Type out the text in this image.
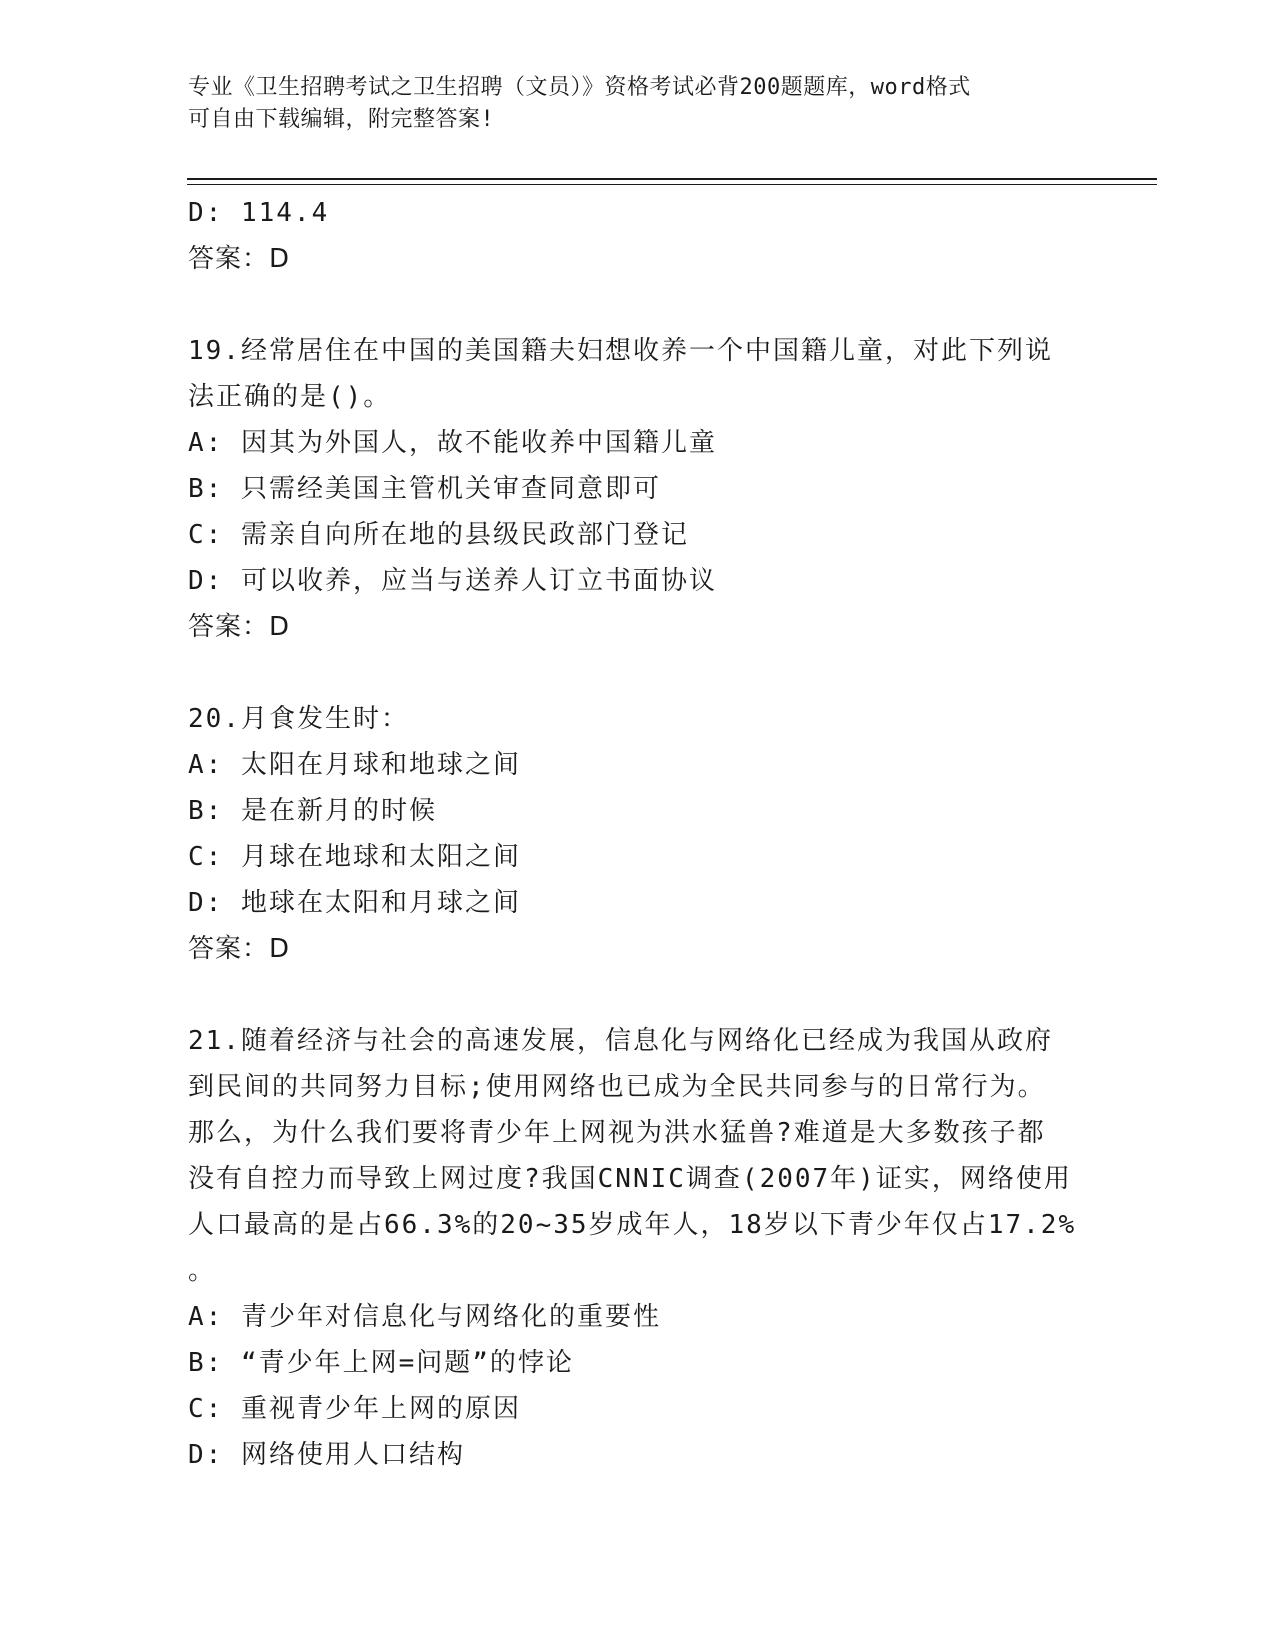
专业《卫生招聘考试之卫生招聘（文员）》资格考试必背200题题库，word格式
可自由下载编辑，附完整答案!
D: 114.4
答案：D
19.经常居住在中国的美国籍夫妇想收养一个中国籍儿童，对此下列说
法正确的是()。
A: 因其为外国人，故不能收养中国籍儿童
B: 只需经美国主管机关审查同意即可
C: 需亲自向所在地的县级民政部门登记
D: 可以收养，应当与送养人订立书面协议
答案：D
20.月食发生时：
A: 太阳在月球和地球之间
B: 是在新月的时候
C: 月球在地球和太阳之间
D: 地球在太阳和月球之间
答案：D
21.随着经济与社会的高速发展，信息化与网络化已经成为我国从政府
到民间的共同努力目标;使用网络也已成为全民共同参与的日常行为。
那么，为什么我们要将青少年上网视为洪水猛兽?难道是大多数孩子都
没有自控力而导致上网过度?我国CNNIC调查(2007年)证实，网络使用
人口最高的是占66.3%的20~35岁成年人，18岁以下青少年仅占17.2%
。
A: 青少年对信息化与网络化的重要性
B: “青少年上网=问题”的悖论
C: 重视青少年上网的原因
D: 网络使用人口结构
